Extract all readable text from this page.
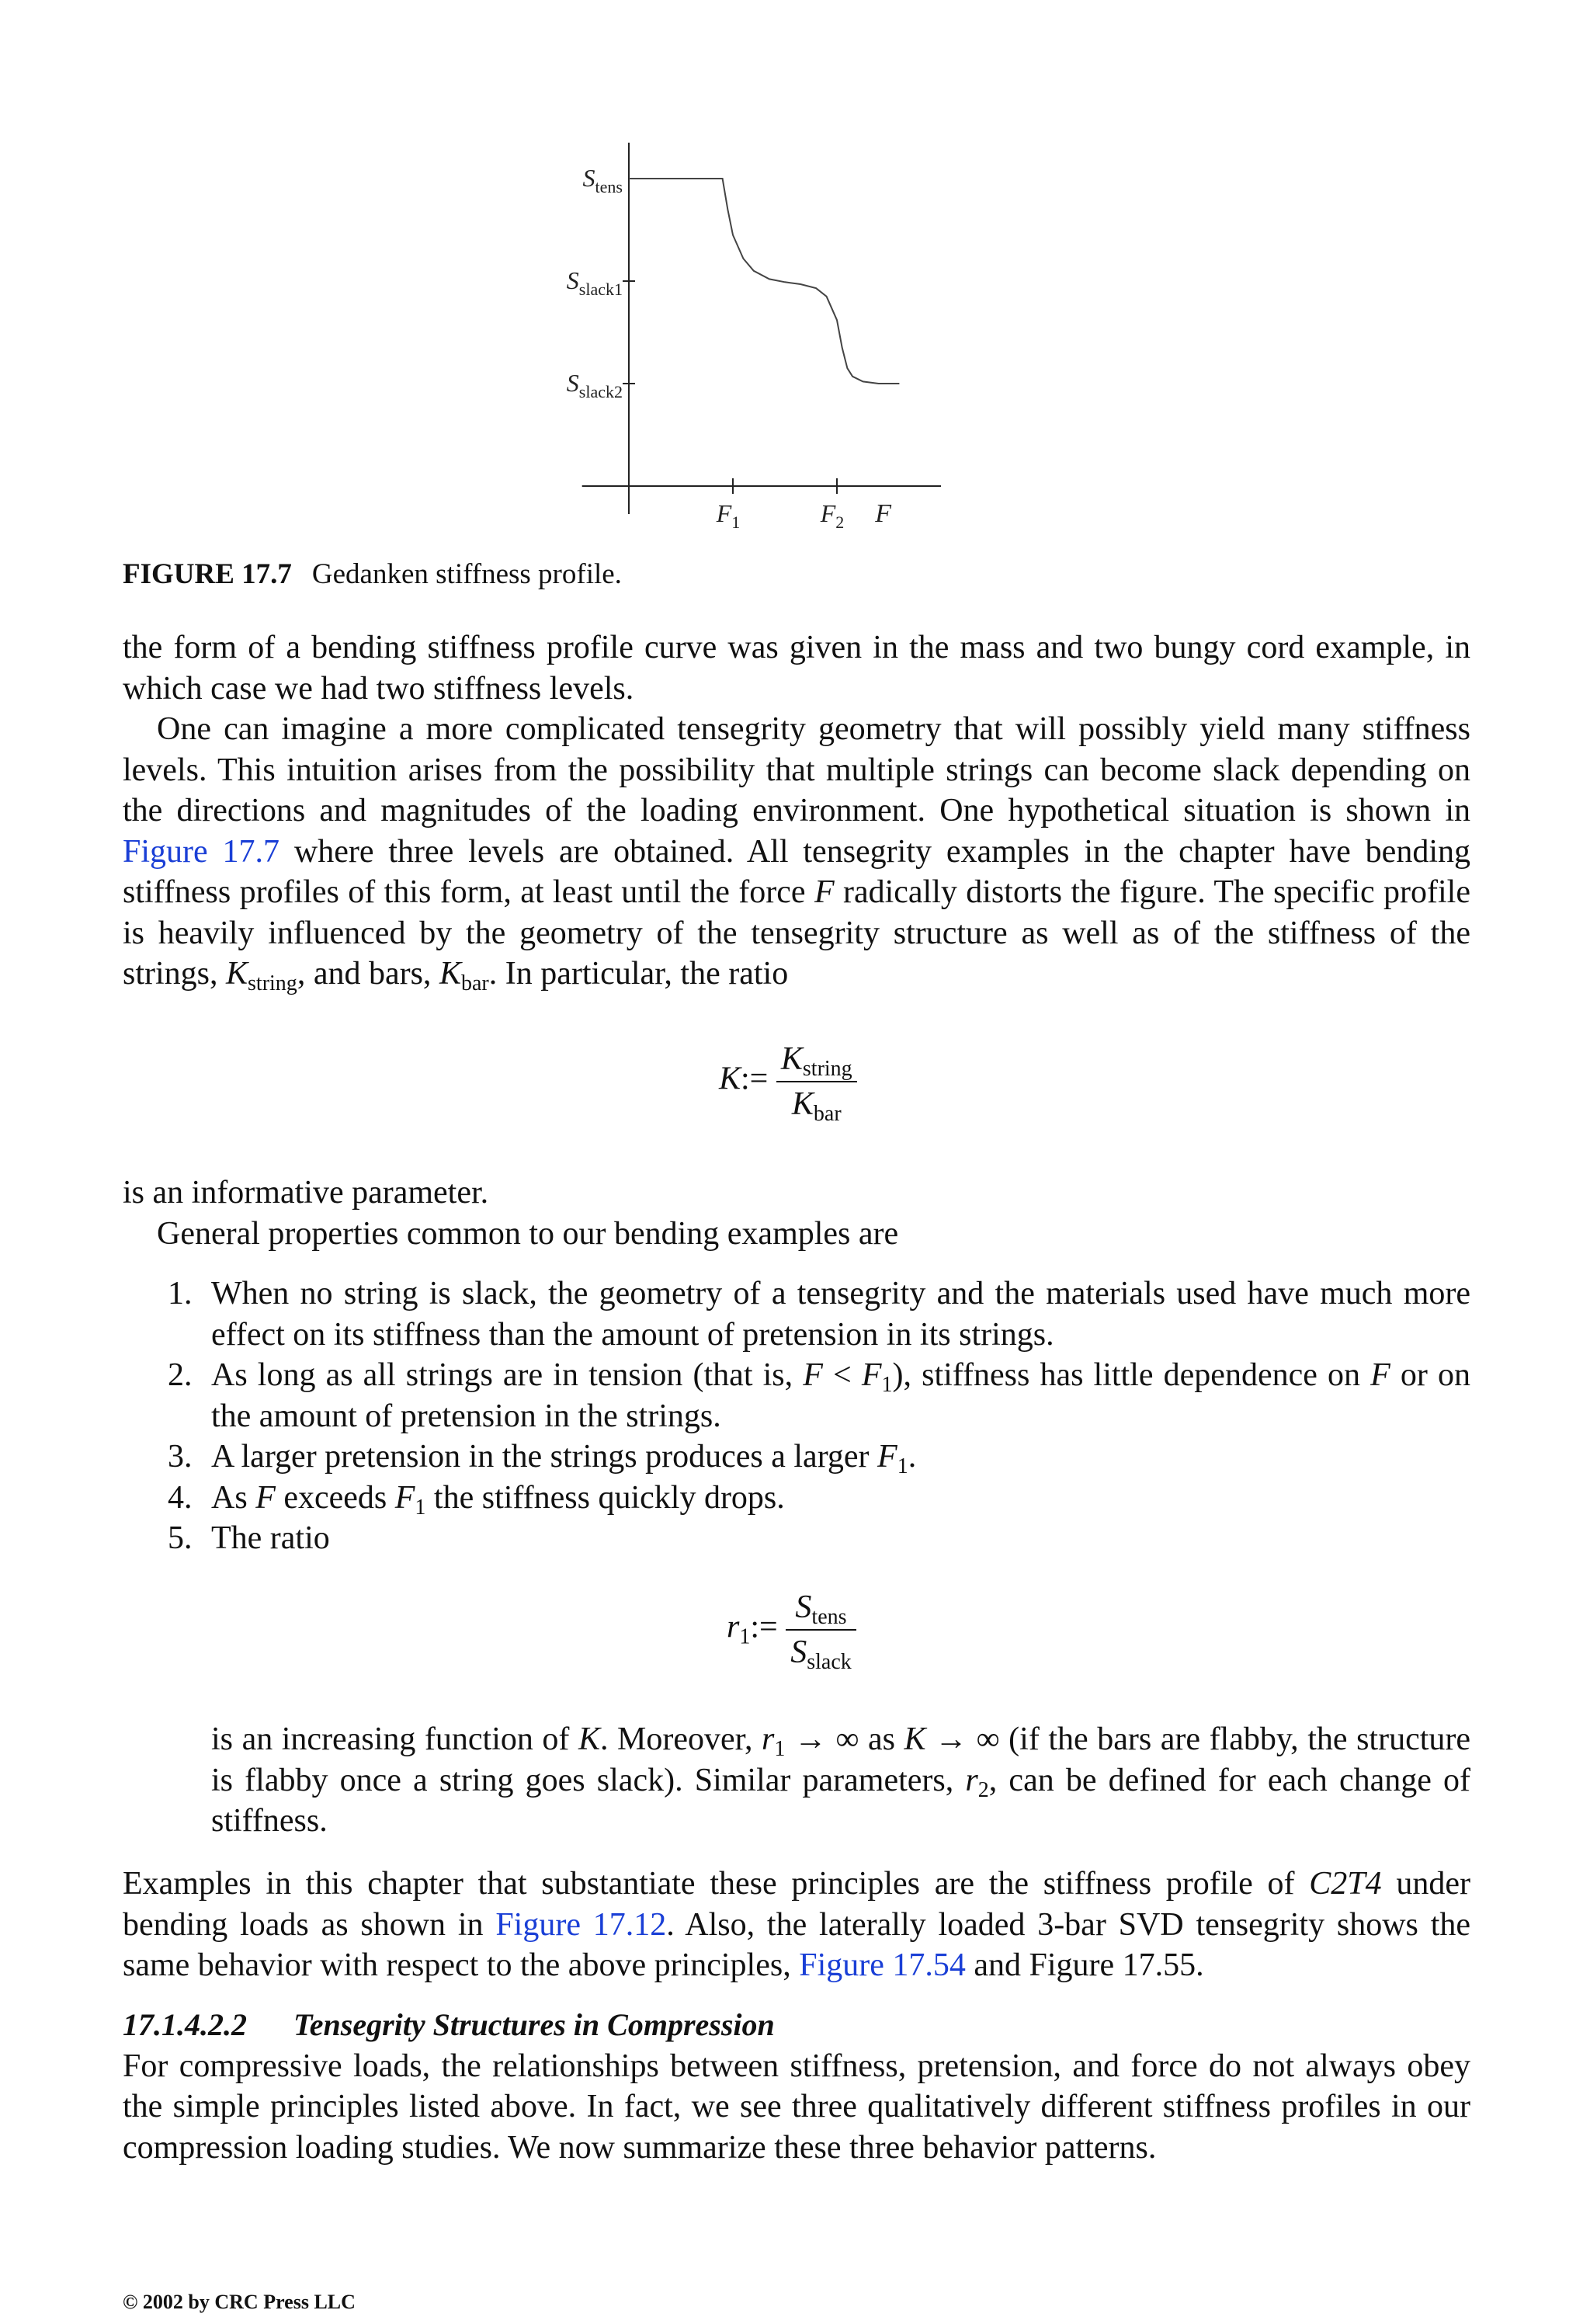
$S_{tens}$
$S_{slack1}$
$S_{slack2}$
$F_1$	$F_2$ F
FIGURE 17.7 Gedanken stiffness profile.

the form of a bending stiffness profile curve was given in the mass and two bungy cord example, in which case we had two stiffness levels.

One can imagine a more complicated tensegrity geometry that will possibly yield many stiffness levels. This intuition arises from the possibility that multiple strings can become slack depending on the directions and magnitudes of the loading environment. One hypothetical situation is shown in Figure 17.7 where three levels are obtained. All tensegrity examples in the chapter have bending stiffness profiles of this form, at least until the force F radically distorts the figure. The specific profile is heavily influenced by the geometry of the tensegrity structure as well as of the stiffness of the strings, $K_{string}$, and bars, $K_{bar}$. In particular, the ratio

K:= $\frac{K_{string}}{K_{bar}}$

is an informative parameter.

General properties common to our bending examples are

1. When no string is slack, the geometry of a tensegrity and the materials used have much more effect on its stiffness than the amount of pretension in its strings.
2. As long as all strings are in tension (that is, $F < F_1$), stiffness has little dependence on F or on the amount of pretension in the strings.
3. A larger pretension in the strings produces a larger $F_1$.
4. As F exceeds $F_1$ the stiffness quickly drops.
5. The ratio
$r_1:= \frac{S_{tens}}{S_{slack}}$

is an increasing function of K. Moreover, $r_1$ → ∞ as K → ∞ (if the bars are flabby, the structure is flabby once a string goes slack). Similar parameters, $r_2$, can be defined for each change of stiffness.

Examples in this chapter that substantiate these principles are the stiffness profile of C2T4 under bending loads as shown in Figure 17.12. Also, the laterally loaded 3-bar SVD tensegrity shows the same behavior with respect to the above principles, Figure 17.54 and Figure 17.55.

17.1.4.2.2 Tensegrity Structures in Compression

For compressive loads, the relationships between stiffness, pretension, and force do not always obey the simple principles listed above. In fact, we see three qualitatively different stiffness profiles in our compression loading studies. We now summarize these three behavior patterns.

© 2002 by CRC Press LLC
